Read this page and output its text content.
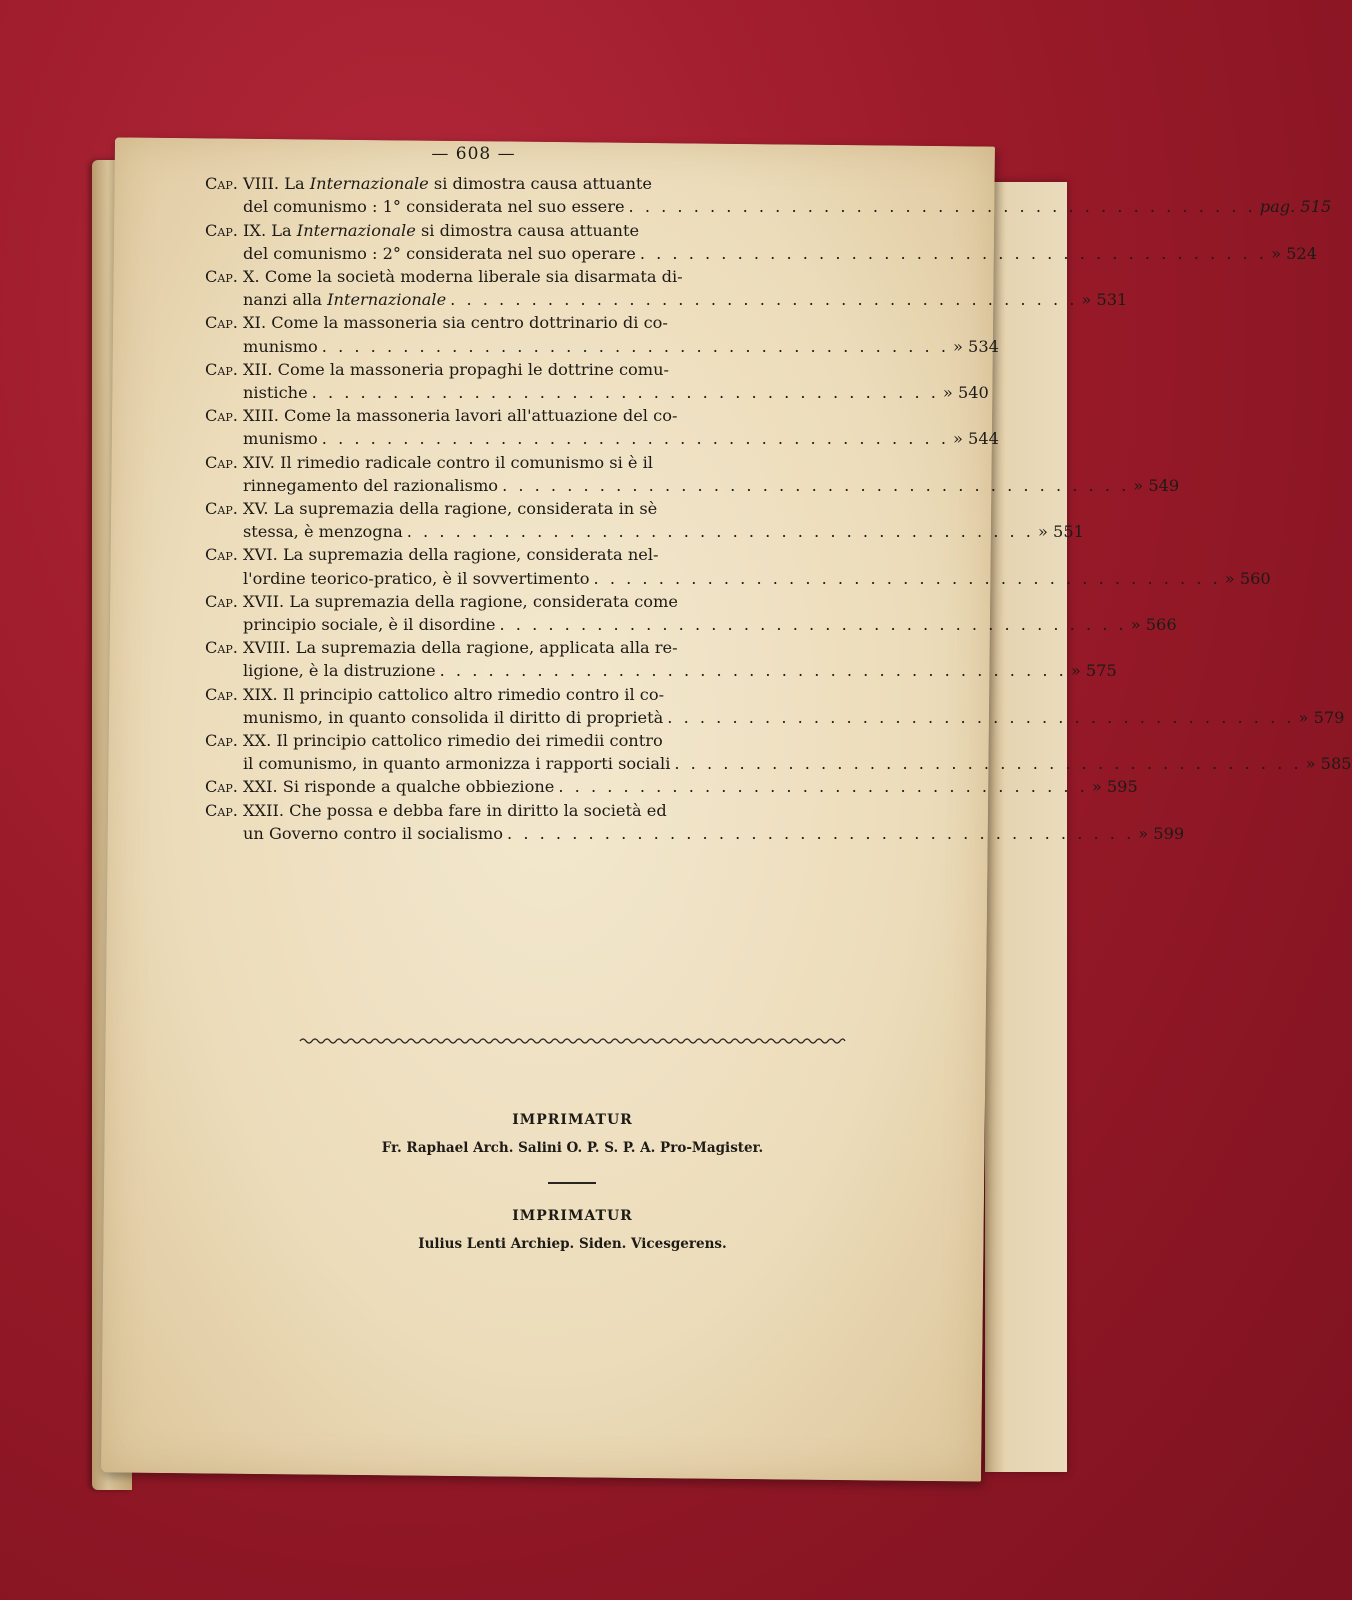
— 608 —
Cap. VIII. La Internazionale si dimostra causa attuante
del comunismo : 1° considerata nel suo essere . . . . . . . . . . . . . . . . . . . . . . . . . . . . . . . . . . . . . . . pag. 515
Cap. IX. La Internazionale si dimostra causa attuante
del comunismo : 2° considerata nel suo operare . . . . . . . . . . . . . . . . . . . . . . . . . . . . . . . . . . . . . . . » 524
Cap. X. Come la società moderna liberale sia disarmata di-
nanzi alla Internazionale . . . . . . . . . . . . . . . . . . . . . . . . . . . . . . . . . . . . . . . » 531
Cap. XI. Come la massoneria sia centro dottrinario di co-
munismo . . . . . . . . . . . . . . . . . . . . . . . . . . . . . . . . . . . . . . . » 534
Cap. XII. Come la massoneria propaghi le dottrine comu-
nistiche . . . . . . . . . . . . . . . . . . . . . . . . . . . . . . . . . . . . . . . » 540
Cap. XIII. Come la massoneria lavori all'attuazione del co-
munismo . . . . . . . . . . . . . . . . . . . . . . . . . . . . . . . . . . . . . . . » 544
Cap. XIV. Il rimedio radicale contro il comunismo si è il
rinnegamento del razionalismo . . . . . . . . . . . . . . . . . . . . . . . . . . . . . . . . . . . . . . . » 549
Cap. XV. La supremazia della ragione, considerata in sè
stessa, è menzogna . . . . . . . . . . . . . . . . . . . . . . . . . . . . . . . . . . . . . . . » 551
Cap. XVI. La supremazia della ragione, considerata nel-
l'ordine teorico-pratico, è il sovvertimento . . . . . . . . . . . . . . . . . . . . . . . . . . . . . . . . . . . . . . . » 560
Cap. XVII. La supremazia della ragione, considerata come
principio sociale, è il disordine . . . . . . . . . . . . . . . . . . . . . . . . . . . . . . . . . . . . . . . » 566
Cap. XVIII. La supremazia della ragione, applicata alla re-
ligione, è la distruzione . . . . . . . . . . . . . . . . . . . . . . . . . . . . . . . . . . . . . . . » 575
Cap. XIX. Il principio cattolico altro rimedio contro il co-
munismo, in quanto consolida il diritto di proprietà . . . . . . . . . . . . . . . . . . . . . . . . . . . . . . . . . . . . . . . » 579
Cap. XX. Il principio cattolico rimedio dei rimedii contro
il comunismo, in quanto armonizza i rapporti sociali . . . . . . . . . . . . . . . . . . . . . . . . . . . . . . . . . . . . . . . » 585
Cap. XXI. Si risponde a qualche obbiezione . . . . . . . . . . . . . . . . . . . . . . . . . . . . . . . . . » 595
Cap. XXII. Che possa e debba fare in diritto la società ed
un Governo contro il socialismo . . . . . . . . . . . . . . . . . . . . . . . . . . . . . . . . . . . . . . . » 599
IMPRIMATUR
Fr. Raphael Arch. Salini O. P. S. P. A. Pro-Magister.
IMPRIMATUR
Iulius Lenti Archiep. Siden. Vicesgerens.
